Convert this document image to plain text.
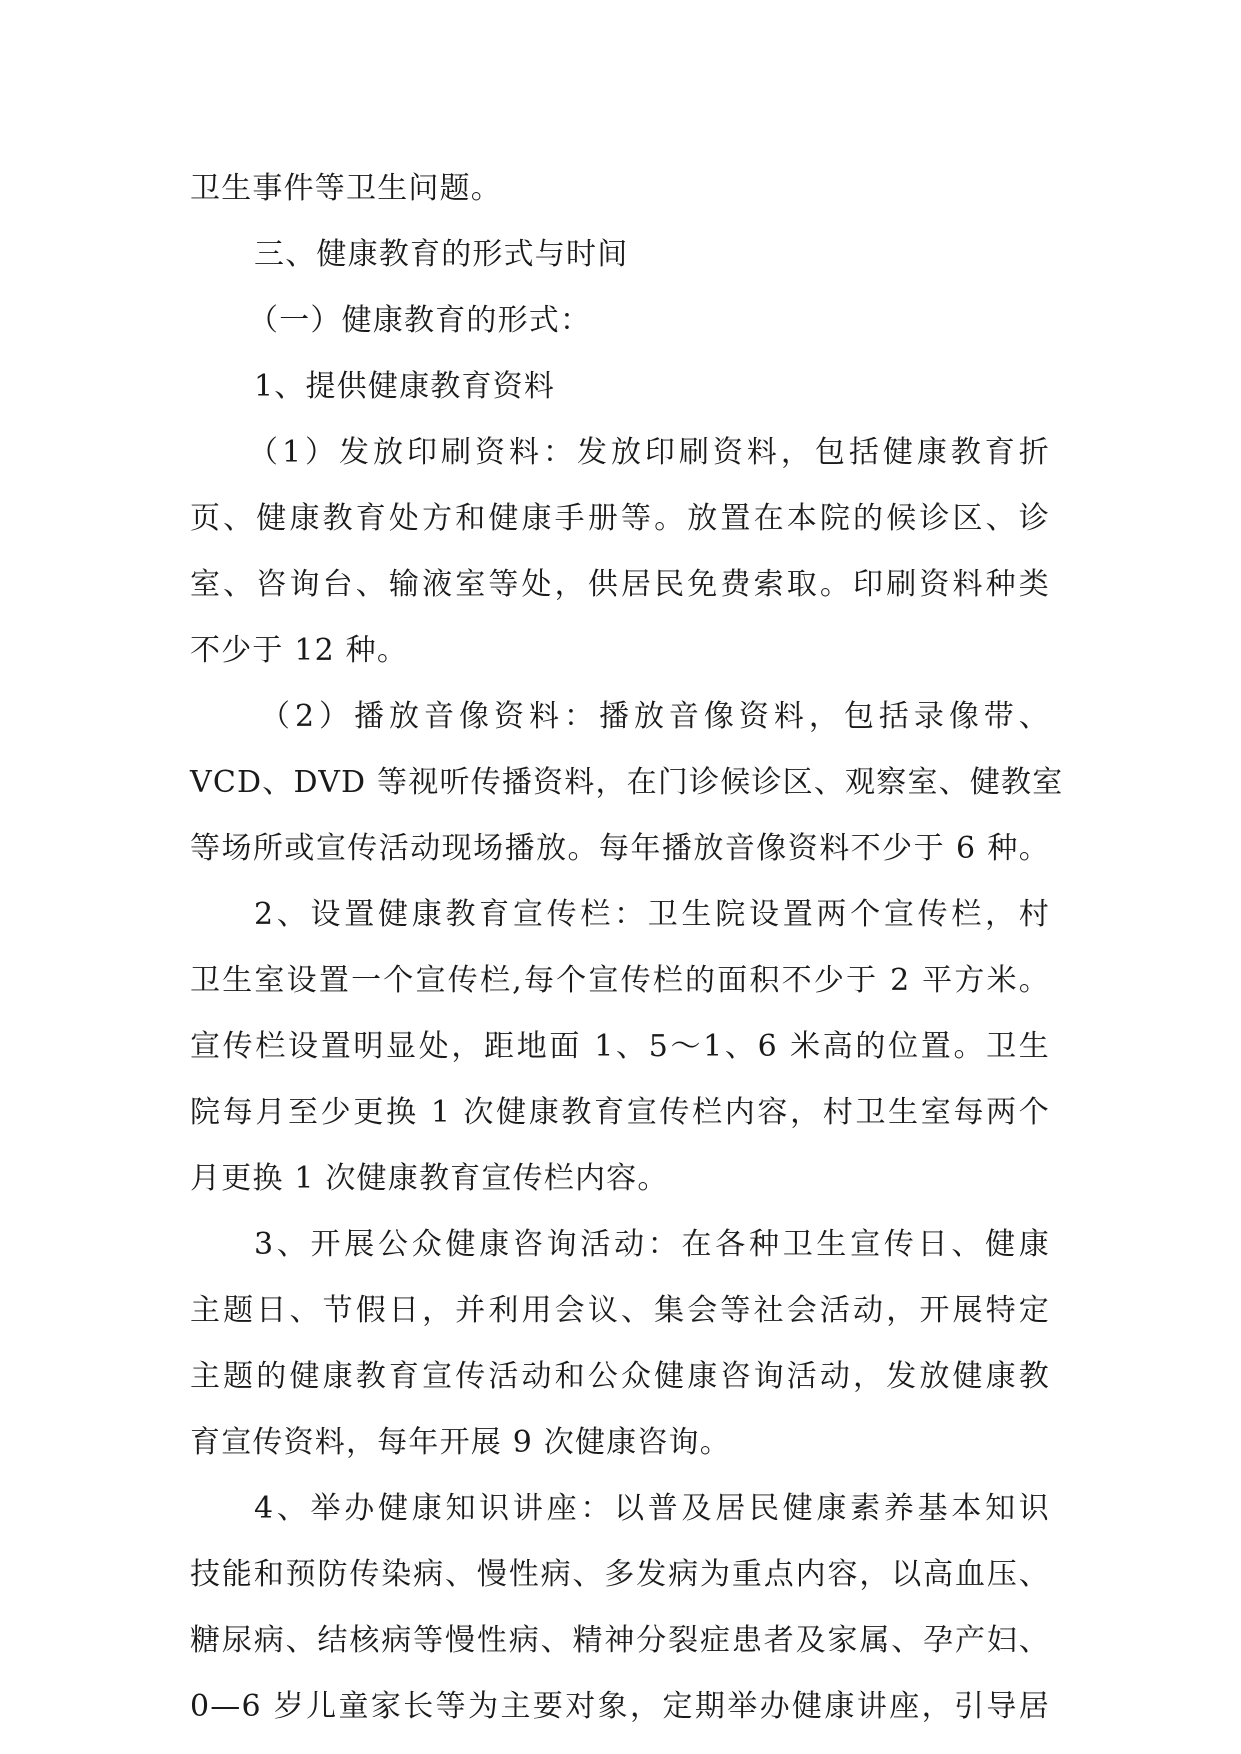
卫生事件等卫生问题。
三、健康教育的形式与时间
（一）健康教育的形式：
1、提供健康教育资料
（1）发放印刷资料：发放印刷资料，包括健康教育折
页、健康教育处方和健康手册等。放置在本院的候诊区、诊
室、咨询台、输液室等处，供居民免费索取。印刷资料种类
不少于 12 种。
（2）播放音像资料：播放音像资料，包括录像带、
VCD、DVD 等视听传播资料，在门诊候诊区、观察室、健教室
等场所或宣传活动现场播放。每年播放音像资料不少于 6 种。
2、设置健康教育宣传栏：卫生院设置两个宣传栏，村
卫生室设置一个宣传栏,每个宣传栏的面积不少于 2 平方米。
宣传栏设置明显处，距地面 1、5～1、6 米高的位置。卫生
院每月至少更换 1 次健康教育宣传栏内容，村卫生室每两个
月更换 1 次健康教育宣传栏内容。
3、开展公众健康咨询活动：在各种卫生宣传日、健康
主题日、节假日，并利用会议、集会等社会活动，开展特定
主题的健康教育宣传活动和公众健康咨询活动，发放健康教
育宣传资料，每年开展 9 次健康咨询。
4、举办健康知识讲座：以普及居民健康素养基本知识
技能和预防传染病、慢性病、多发病为重点内容，以高血压、
糖尿病、结核病等慢性病、精神分裂症患者及家属、孕产妇、
0—6 岁儿童家长等为主要对象，定期举办健康讲座，引导居
